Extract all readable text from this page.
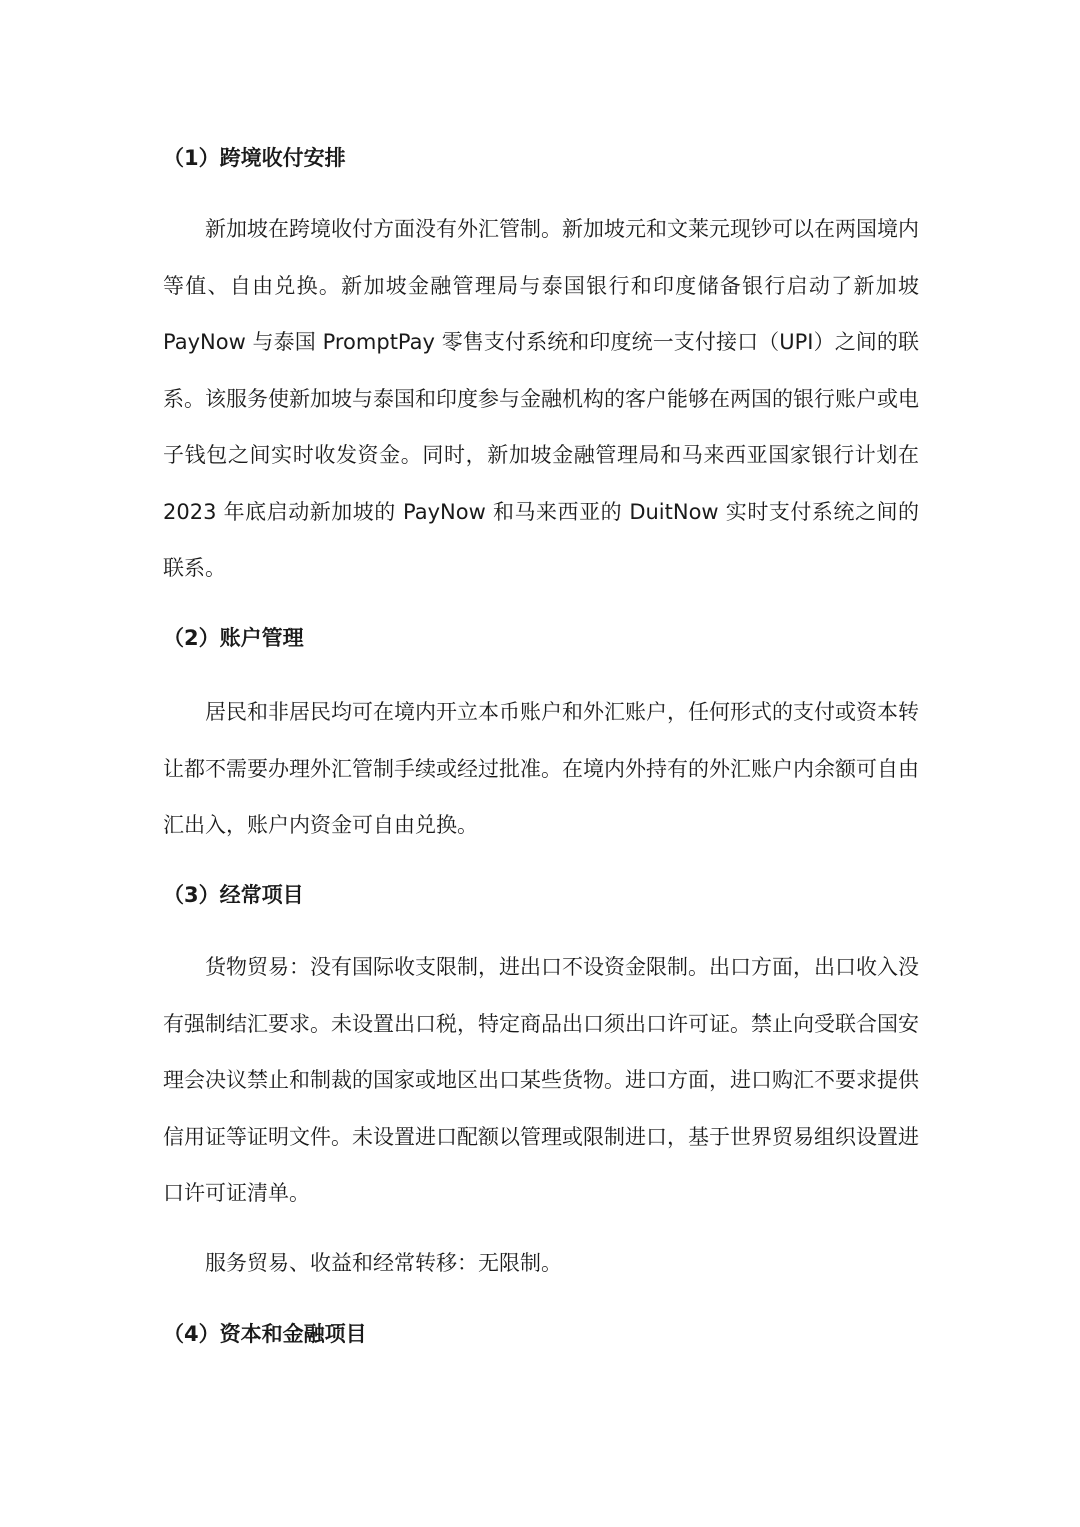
（1）跨境收付安排

新加坡在跨境收付方面没有外汇管制。新加坡元和文莱元现钞可以在两国境内等值、自由兑换。新加坡金融管理局与泰国银行和印度储备银行启动了新加坡 PayNow 与泰国 PromptPay 零售支付系统和印度统一支付接口（UPI）之间的联系。该服务使新加坡与泰国和印度参与金融机构的客户能够在两国的银行账户或电子钱包之间实时收发资金。同时，新加坡金融管理局和马来西亚国家银行计划在 2023 年底启动新加坡的 PayNow 和马来西亚的 DuitNow 实时支付系统之间的联系。

（2）账户管理

居民和非居民均可在境内开立本币账户和外汇账户，任何形式的支付或资本转让都不需要办理外汇管制手续或经过批准。在境内外持有的外汇账户内余额可自由汇出入，账户内资金可自由兑换。

（3）经常项目

货物贸易：没有国际收支限制，进出口不设资金限制。出口方面，出口收入没有强制结汇要求。未设置出口税，特定商品出口须出口许可证。禁止向受联合国安理会决议禁止和制裁的国家或地区出口某些货物。进口方面，进口购汇不要求提供信用证等证明文件。未设置进口配额以管理或限制进口，基于世界贸易组织设置进口许可证清单。

服务贸易、收益和经常转移：无限制。

（4）资本和金融项目
